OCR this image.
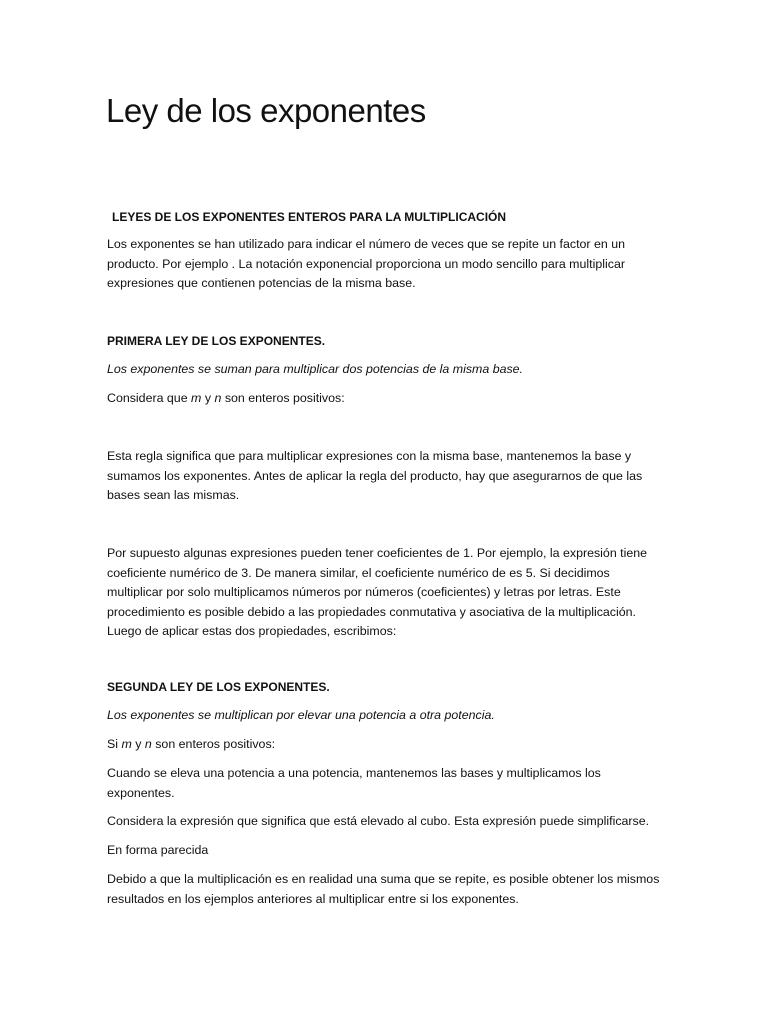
Ley de los exponentes

LEYES DE LOS EXPONENTES ENTEROS PARA LA MULTIPLICACIÓN

Los exponentes se han utilizado para indicar el número de veces que se repite un factor en un producto. Por ejemplo . La notación exponencial proporciona un modo sencillo para multiplicar expresiones que contienen potencias de la misma base.

PRIMERA LEY DE LOS EXPONENTES.

Los exponentes se suman para multiplicar dos potencias de la misma base.

Considera que m y n son enteros positivos:

Esta regla significa que para multiplicar expresiones con la misma base, mantenemos la base y sumamos los exponentes. Antes de aplicar la regla del producto, hay que asegurarnos de que las bases sean las mismas.

Por supuesto algunas expresiones pueden tener coeficientes de 1. Por ejemplo, la expresión tiene coeficiente numérico de 3. De manera similar, el coeficiente numérico de es 5. Si decidimos multiplicar por solo multiplicamos números por números (coeficientes) y letras por letras. Este procedimiento es posible debido a las propiedades conmutativa y asociativa de la multiplicación. Luego de aplicar estas dos propiedades, escribimos:

SEGUNDA LEY DE LOS EXPONENTES.

Los exponentes se multiplican por elevar una potencia a otra potencia.

Si m y n son enteros positivos:

Cuando se eleva una potencia a una potencia, mantenemos las bases y multiplicamos los exponentes.

Considera la expresión que significa que está elevado al cubo. Esta expresión puede simplificarse.

En forma parecida

Debido a que la multiplicación es en realidad una suma que se repite, es posible obtener los mismos resultados en los ejemplos anteriores al multiplicar entre si los exponentes.
